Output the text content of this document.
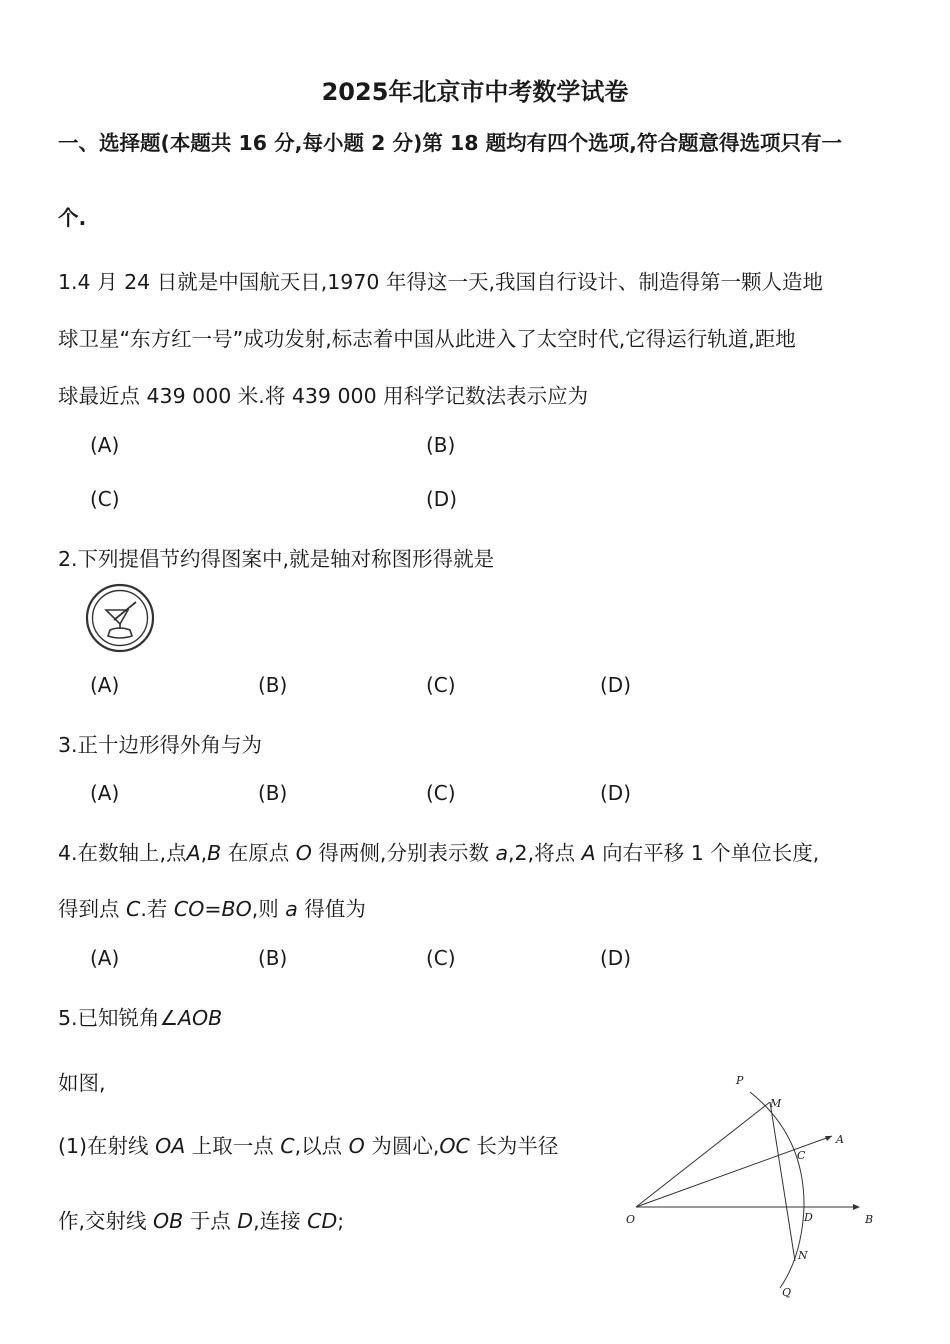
2025年北京市中考数学试卷
一、选择题(本题共 16 分,每小题 2 分)第 18 题均有四个选项,符合题意得选项只有一
个.
1.4 月 24 日就是中国航天日,1970 年得这一天,我国自行设计、制造得第一颗人造地
球卫星“东方红一号”成功发射,标志着中国从此进入了太空时代,它得运行轨道,距地
球最近点 439 000 米.将 439 000 用科学记数法表示应为
(A)	(B)
(C)	(D)
2.下列提倡节约得图案中,就是轴对称图形得就是
(A)	(B)	(C)	(D)
3.正十边形得外角与为
(A)	(B)	(C)	(D)
4.在数轴上,点A,B 在原点 O 得两侧,分别表示数 a,2,将点 A 向右平移 1 个单位长度,
得到点 C.若 CO=BO,则 a 得值为
(A)	(B)	(C)	(D)
5.已知锐角∠AOB
如图,
(1)在射线 OA 上取一点 C,以点 O 为圆心,OC 长为半径
作,交射线 OB 于点 D,连接 CD;
P
M
A
C
O	D	B
N
Q
